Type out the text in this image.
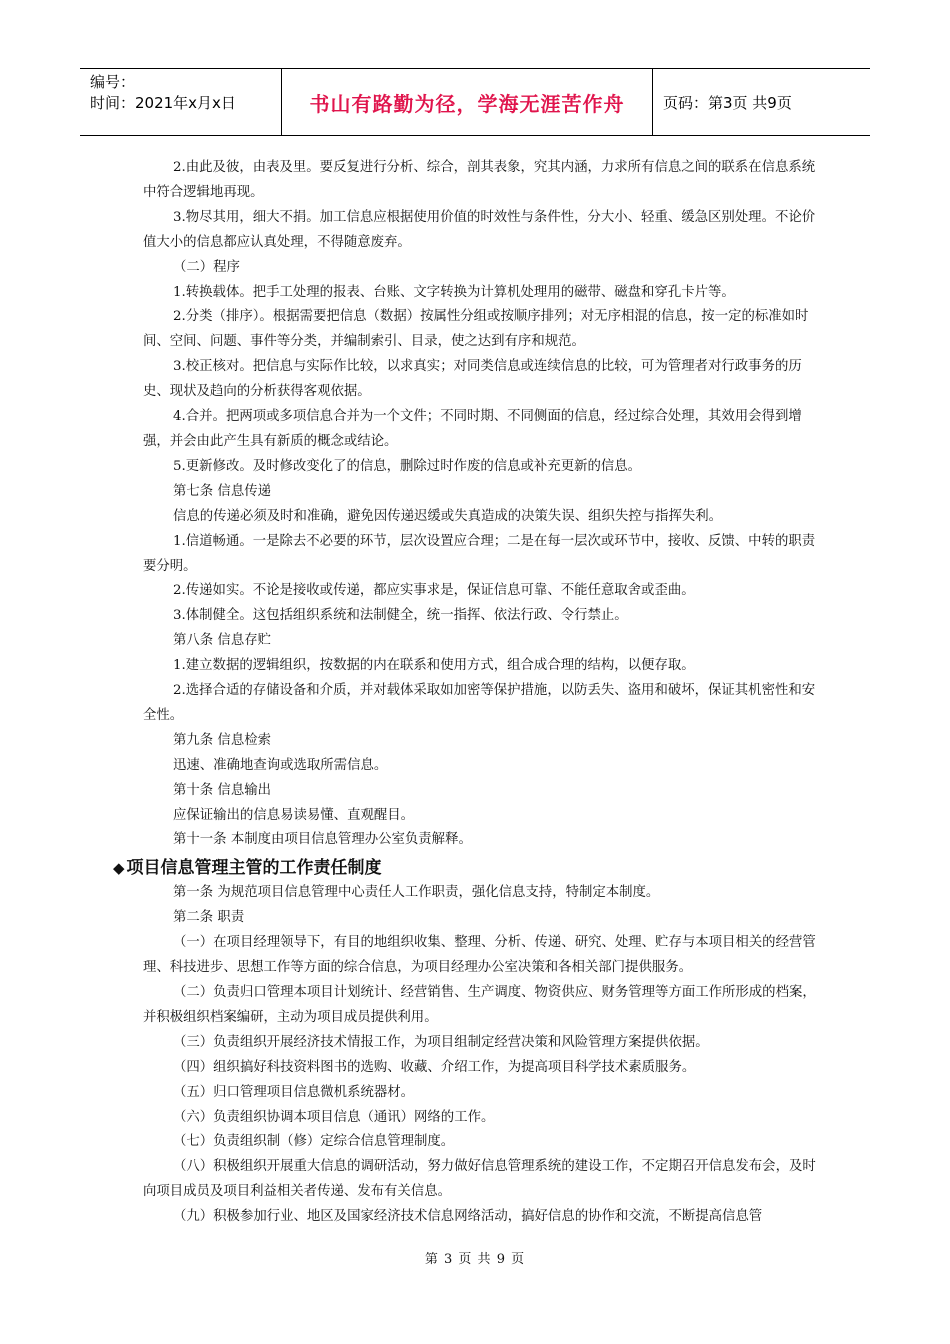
编号：
时间：2021年x月x日	书山有路勤为径，学海无涯苦作舟	页码：第3页 共9页

2.由此及彼，由表及里。要反复进行分析、综合，剖其表象，究其内涵，力求所有信息之间的联系在信息系统中符合逻辑地再现。

3.物尽其用，细大不捐。加工信息应根据使用价值的时效性与条件性，分大小、轻重、缓急区别处理。不论价值大小的信息都应认真处理，不得随意废弃。

（二）程序

1.转换载体。把手工处理的报表、台账、文字转换为计算机处理用的磁带、磁盘和穿孔卡片等。

2.分类（排序）。根据需要把信息（数据）按属性分组或按顺序排列；对无序相混的信息，按一定的标准如时间、空间、问题、事件等分类，并编制索引、目录，使之达到有序和规范。

3.校正核对。把信息与实际作比较，以求真实；对同类信息或连续信息的比较，可为管理者对行政事务的历史、现状及趋向的分析获得客观依据。

4.合并。把两项或多项信息合并为一个文件；不同时期、不同侧面的信息，经过综合处理，其效用会得到增强，并会由此产生具有新质的概念或结论。

5.更新修改。及时修改变化了的信息，删除过时作废的信息或补充更新的信息。

第七条 信息传递

信息的传递必须及时和准确，避免因传递迟缓或失真造成的决策失误、组织失控与指挥失利。

1.信道畅通。一是除去不必要的环节，层次设置应合理；二是在每一层次或环节中，接收、反馈、中转的职责要分明。

2.传递如实。不论是接收或传递，都应实事求是，保证信息可靠、不能任意取舍或歪曲。

3.体制健全。这包括组织系统和法制健全，统一指挥、依法行政、令行禁止。

第八条 信息存贮

1.建立数据的逻辑组织，按数据的内在联系和使用方式，组合成合理的结构，以便存取。

2.选择合适的存储设备和介质，并对载体采取如加密等保护措施，以防丢失、盗用和破坏，保证其机密性和安全性。

第九条 信息检索

迅速、准确地查询或选取所需信息。

第十条 信息输出

应保证输出的信息易读易懂、直观醒目。

第十一条 本制度由项目信息管理办公室负责解释。

◆ 项目信息管理主管的工作责任制度

第一条 为规范项目信息管理中心责任人工作职责，强化信息支持，特制定本制度。

第二条 职责

（一）在项目经理领导下，有目的地组织收集、整理、分析、传递、研究、处理、贮存与本项目相关的经营管理、科技进步、思想工作等方面的综合信息，为项目经理办公室决策和各相关部门提供服务。

（二）负责归口管理本项目计划统计、经营销售、生产调度、物资供应、财务管理等方面工作所形成的档案，并积极组织档案编研，主动为项目成员提供利用。

（三）负责组织开展经济技术情报工作，为项目组制定经营决策和风险管理方案提供依据。

（四）组织搞好科技资料图书的选购、收藏、介绍工作，为提高项目科学技术素质服务。

（五）归口管理项目信息微机系统器材。

（六）负责组织协调本项目信息（通讯）网络的工作。

（七）负责组织制（修）定综合信息管理制度。

（八）积极组织开展重大信息的调研活动，努力做好信息管理系统的建设工作，不定期召开信息发布会，及时向项目成员及项目利益相关者传递、发布有关信息。

（九）积极参加行业、地区及国家经济技术信息网络活动，搞好信息的协作和交流，不断提高信息管

第 3 页 共 9 页
